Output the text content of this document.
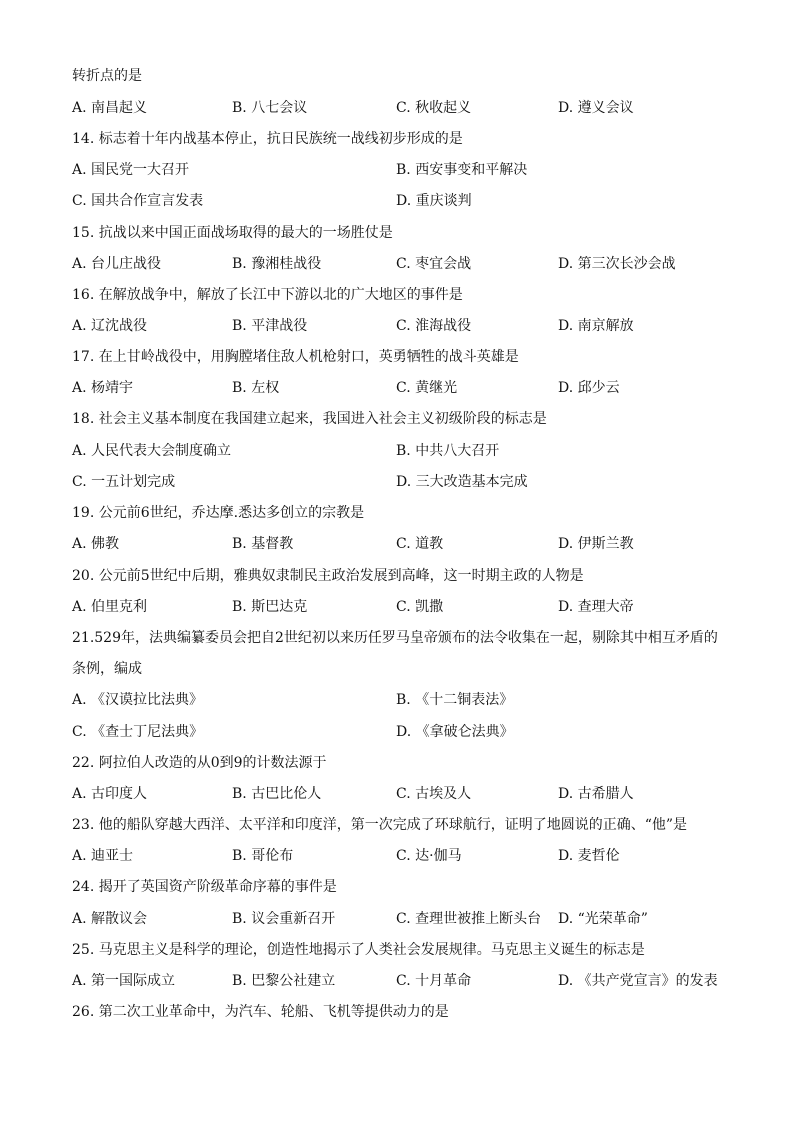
转折点的是
A. 南昌起义	B. 八七会议	C. 秋收起义	D. 遵义会议
14. 标志着十年内战基本停止，抗日民族统一战线初步形成的是
A. 国民党一大召开	B. 西安事变和平解决
C. 国共合作宣言发表	D. 重庆谈判
15. 抗战以来中国正面战场取得的最大的一场胜仗是
A. 台儿庄战役	B. 豫湘桂战役	C. 枣宜会战	D. 第三次长沙会战
16. 在解放战争中，解放了长江中下游以北的广大地区的事件是
A. 辽沈战役	B. 平津战役	C. 淮海战役	D. 南京解放
17. 在上甘岭战役中，用胸膛堵住敌人机枪射口，英勇牺牲的战斗英雄是
A. 杨靖宇	B. 左权	C. 黄继光	D. 邱少云
18. 社会主义基本制度在我国建立起来，我国进入社会主义初级阶段的标志是
A. 人民代表大会制度确立	B. 中共八大召开
C. 一五计划完成	D. 三大改造基本完成
19. 公元前6世纪，乔达摩.悉达多创立的宗教是
A. 佛教	B. 基督教	C. 道教	D. 伊斯兰教
20. 公元前5世纪中后期，雅典奴隶制民主政治发展到高峰，这一时期主政的人物是
A. 伯里克利	B. 斯巴达克	C. 凯撒	D. 查理大帝
21.529年，法典编纂委员会把自2世纪初以来历任罗马皇帝颁布的法令收集在一起，剔除其中相互矛盾的
条例，编成
A. 《汉谟拉比法典》	B. 《十二铜表法》
C. 《查士丁尼法典》	D. 《拿破仑法典》
22. 阿拉伯人改造的从0到9的计数法源于
A. 古印度人	B. 古巴比伦人	C. 古埃及人	D. 古希腊人
23. 他的船队穿越大西洋、太平洋和印度洋，第一次完成了环球航行，证明了地圆说的正确、“他”是
A. 迪亚士	B. 哥伦布	C. 达·伽马	D. 麦哲伦
24. 揭开了英国资产阶级革命序幕的事件是
A. 解散议会	B. 议会重新召开	C. 查理世被推上断头台 D. “光荣革命”
25. 马克思主义是科学的理论，创造性地揭示了人类社会发展规律。马克思主义诞生的标志是
A. 第一国际成立	B. 巴黎公社建立	C. 十月革命	D. 《共产党宣言》的发表
26. 第二次工业革命中，为汽车、轮船、飞机等提供动力的是
